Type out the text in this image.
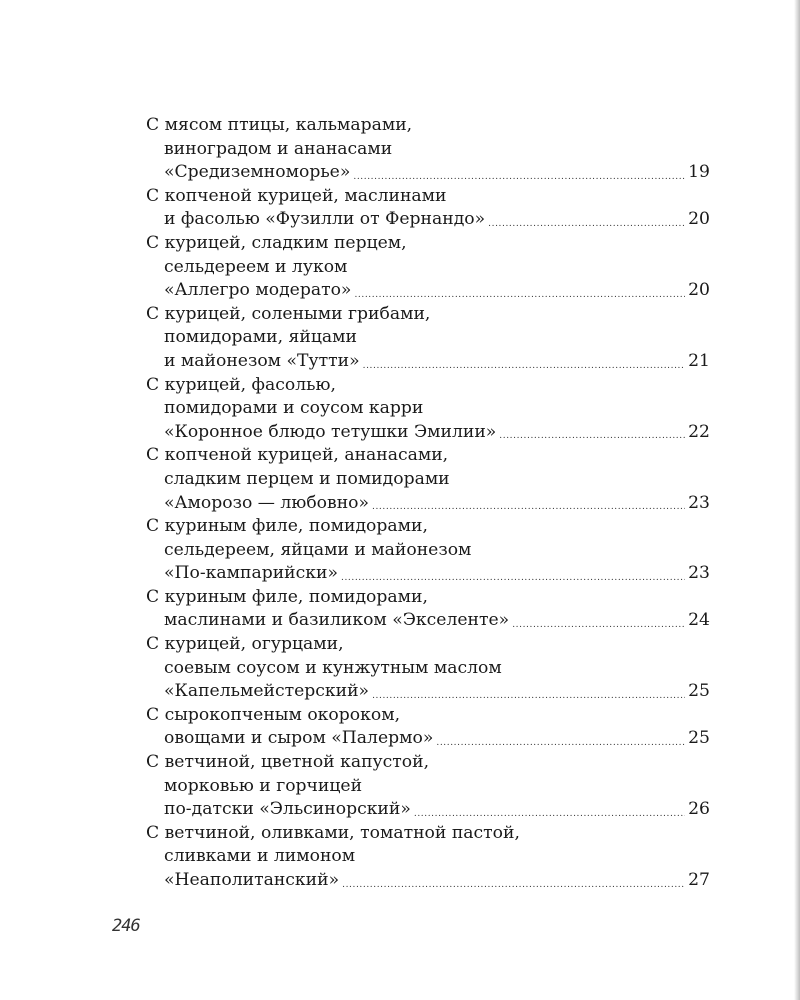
С мясом птицы, кальмарами,
виноградом и ананасами
«Средиземноморье» .....	19
С копченой курицей, маслинами
и фасолью «Фузилли от Фернандо» .....	20
С курицей, сладким перцем,
сельдереем и луком
«Аллегро модерато» .....	20
С курицей, солеными грибами,
помидорами, яйцами
и майонезом «Тутти» .....	21
С курицей, фасолью,
помидорами и соусом карри
«Коронное блюдо тетушки Эмилии» .....	22
С копченой курицей, ананасами,
сладким перцем и помидорами
«Аморозо — любовно» .....	23
С куриным филе, помидорами,
сельдереем, яйцами и майонезом
«По-кампарийски» .....	23
С куриным филе, помидорами,
маслинами и базиликом «Экселенте» .....	24
С курицей, огурцами,
соевым соусом и кунжутным маслом
«Капельмейстерский» .....	25
С сырокопченым окороком,
овощами и сыром «Палермо» .....	25
С ветчиной, цветной капустой,
морковью и горчицей
по-датски «Эльсинорский» .....	26
С ветчиной, оливками, томатной пастой,
сливками и лимоном
«Неаполитанский» .....	27
246
